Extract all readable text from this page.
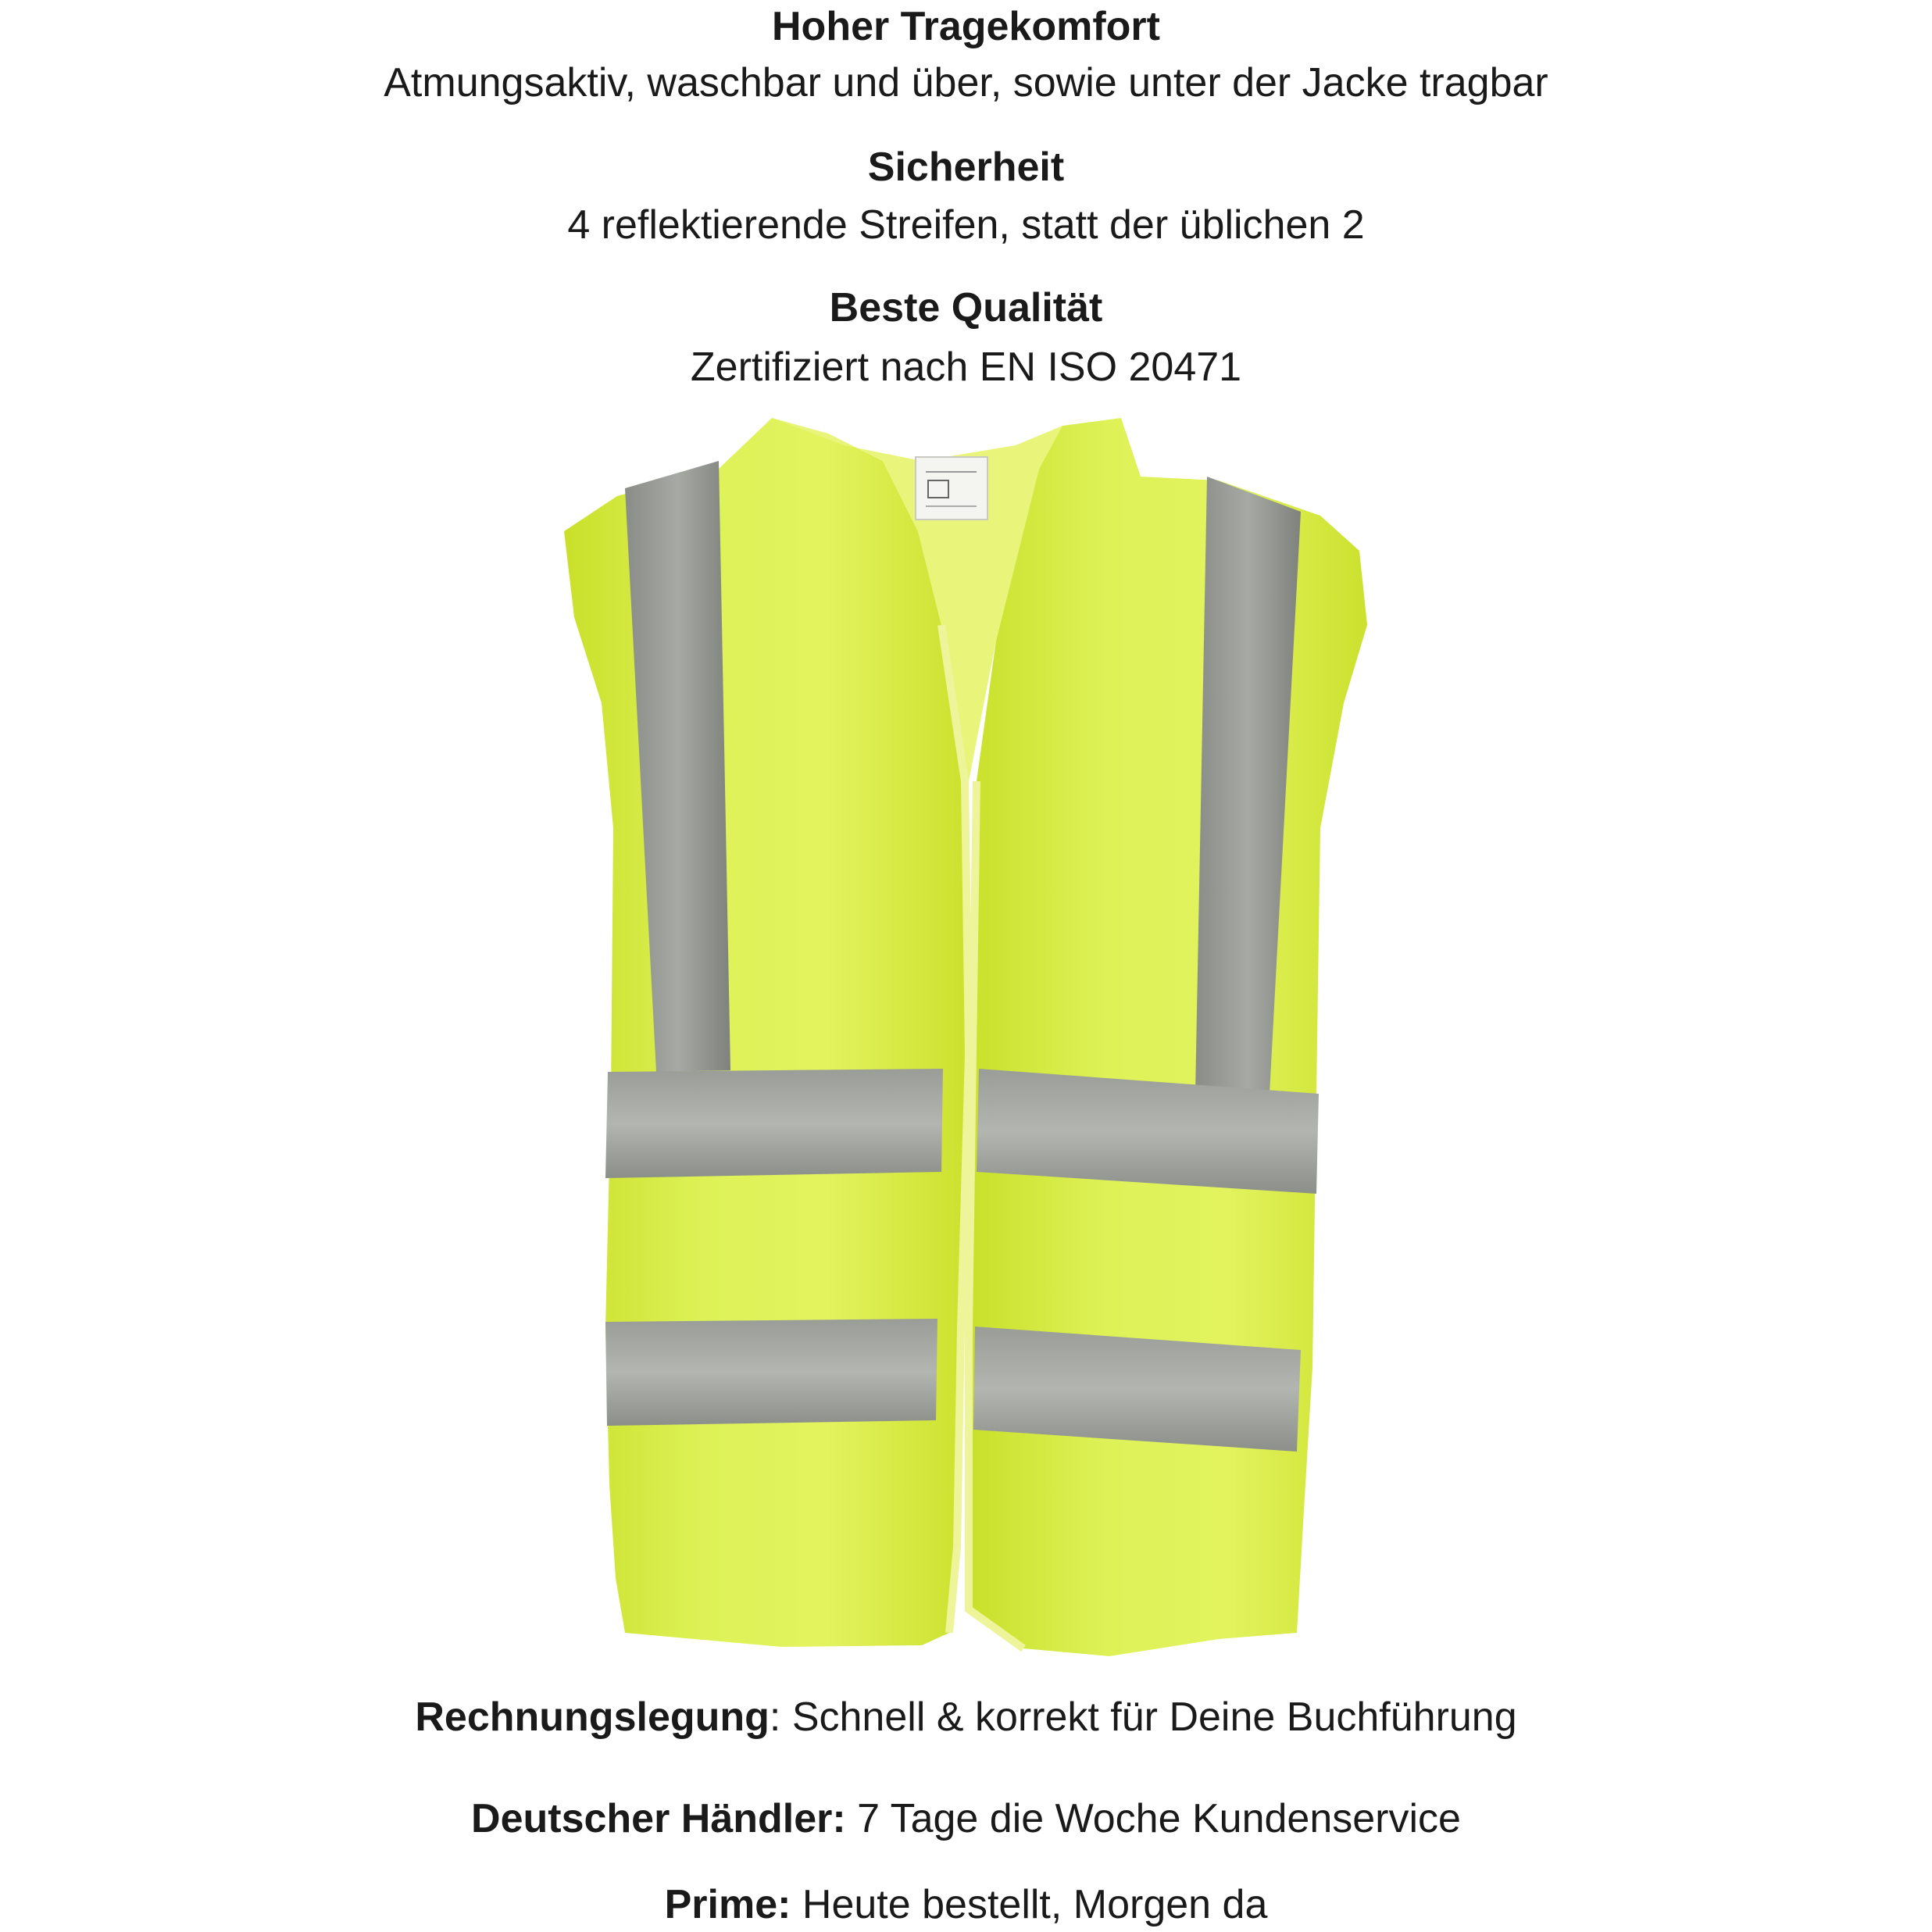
Hoher Tragekomfort
Atmungsaktiv, waschbar und über, sowie unter der Jacke tragbar
Sicherheit
4 reflektierende Streifen, statt der üblichen 2
Beste Qualität
Zertifiziert nach EN ISO 20471
Rechnungslegung: Schnell & korrekt für Deine Buchführung
Deutscher Händler: 7 Tage die Woche Kundenservice
Prime: Heute bestellt, Morgen da
